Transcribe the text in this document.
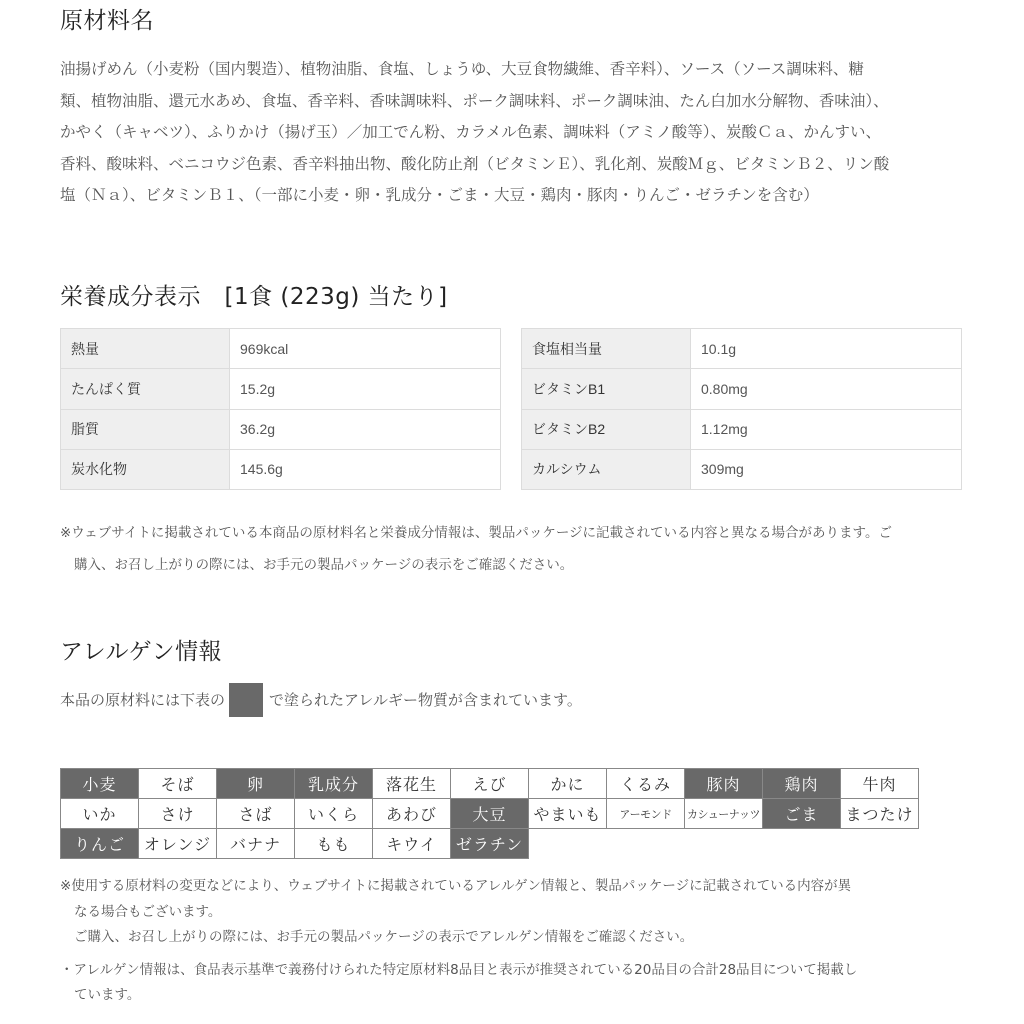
原材料名
油揚げめん（小麦粉（国内製造）、植物油脂、食塩、しょうゆ、大豆食物繊維、香辛料）、ソース（ソース調味料、糖
類、植物油脂、還元水あめ、食塩、香辛料、香味調味料、ポーク調味料、ポーク調味油、たん白加水分解物、香味油）、
かやく（キャベツ）、ふりかけ（揚げ玉）／加工でん粉、カラメル色素、調味料（アミノ酸等）、炭酸Ｃａ、かんすい、
香料、酸味料、ベニコウジ色素、香辛料抽出物、酸化防止剤（ビタミンＥ）、乳化剤、炭酸Ｍｇ、ビタミンＢ２、リン酸
塩（Ｎａ）、ビタミンＢ１、（一部に小麦・卵・乳成分・ごま・大豆・鶏肉・豚肉・りんご・ゼラチンを含む）
栄養成分表示　[1食 (223g) 当たり]
熱量	969kcal
たんぱく質	15.2g
脂質	36.2g
炭水化物	145.6g
食塩相当量	10.1g
ビタミンB1	0.80mg
ビタミンB2	1.12mg
カルシウム	309mg
※ウェブサイトに掲載されている本商品の原材料名と栄養成分情報は、製品パッケージに記載されている内容と異なる場合があります。ご
購入、お召し上がりの際には、お手元の製品パッケージの表示をご確認ください。
アレルゲン情報
本品の原材料には下表の	で塗られたアレルギー物質が含まれています。
小麦	そば	卵	乳成分	落花生	えび	かに	くるみ	豚肉	鶏肉	牛肉
いか	さけ	さば	いくら	あわび	大豆	やまいも	アーモンド	カシューナッツ	ごま	まつたけ
りんご	オレンジ	バナナ	もも	キウイ	ゼラチン					
※使用する原材料の変更などにより、ウェブサイトに掲載されているアレルゲン情報と、製品パッケージに記載されている内容が異
なる場合もございます。
ご購入、お召し上がりの際には、お手元の製品パッケージの表示でアレルゲン情報をご確認ください。
・アレルゲン情報は、食品表示基準で義務付けられた特定原材料8品目と表示が推奨されている20品目の合計28品目について掲載し
ています。
